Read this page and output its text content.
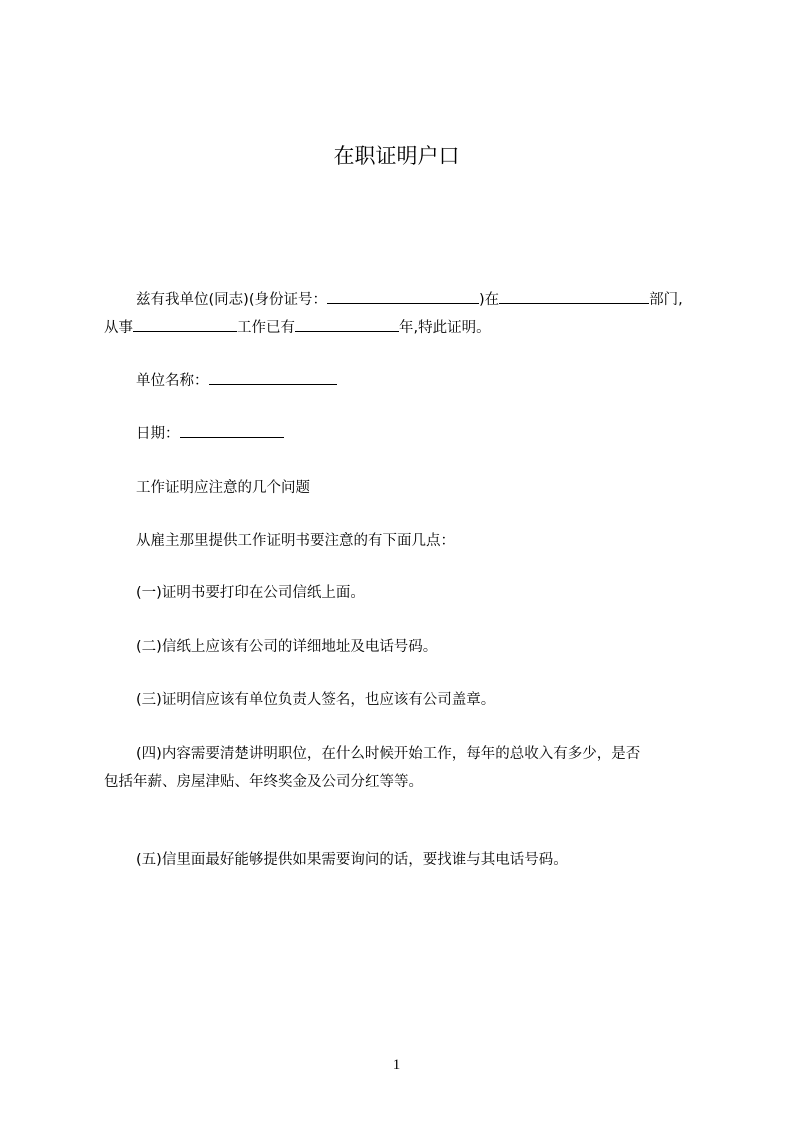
在职证明户口
兹有我单位(同志)(身份证号：	)在	部门,
从事	工作已有	年,特此证明。

单位名称：

日期：

工作证明应注意的几个问题

从雇主那里提供工作证明书要注意的有下面几点：

(一)证明书要打印在公司信纸上面。

(二)信纸上应该有公司的详细地址及电话号码。

(三)证明信应该有单位负责人签名，也应该有公司盖章。

(四)内容需要清楚讲明职位，在什么时候开始工作，每年的总收入有多少，是否
包括年薪、房屋津贴、年终奖金及公司分红等等。

(五)信里面最好能够提供如果需要询问的话，要找谁与其电话号码。

1
